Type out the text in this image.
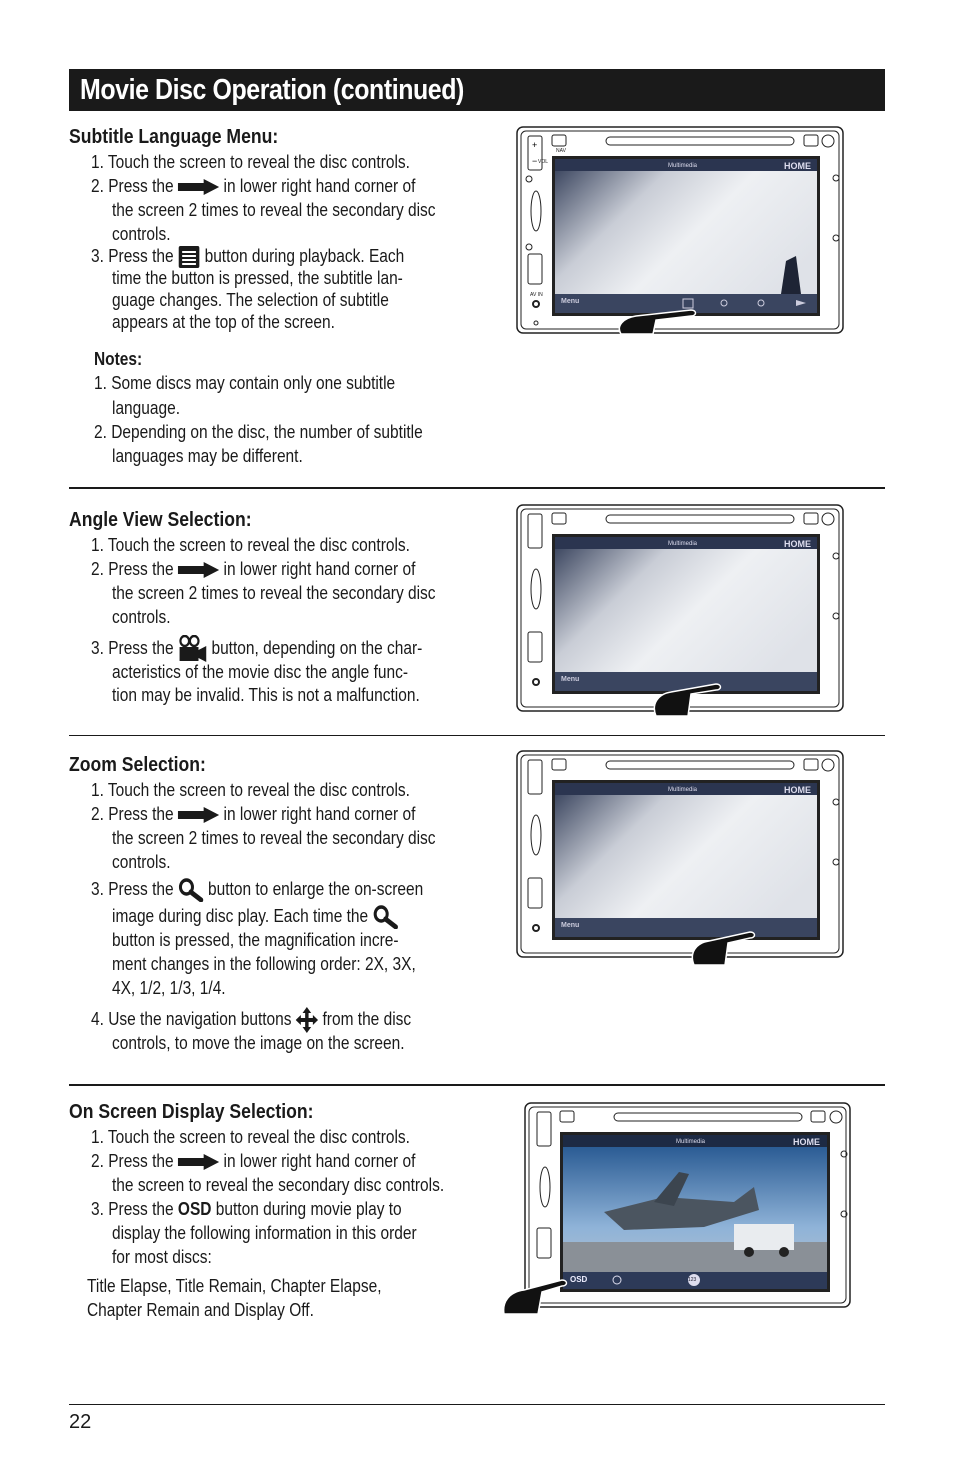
Movie Disc Operation (continued)
Subtitle Language Menu:
1. Touch the screen to reveal the disc controls.
2. Press the	in lower right hand corner of
the screen 2 times to reveal the secondary disc
controls.
3. Press the button during playback. Each
time the button is pressed, the subtitle lan-
guage changes. The selection of subtitle
appears at the top of the screen.
Notes:
1. Some discs may contain only one subtitle
language.
2. Depending on the disc, the number of subtitle
languages may be different.
Angle View Selection:
1. Touch the screen to reveal the disc controls.
2. Press the	in lower right hand corner of
the screen 2 times to reveal the secondary disc
controls.
3. Press the button, depending on the char-
acteristics of the movie disc the angle func-
tion may be invalid. This is not a malfunction.
Zoom Selection:
1. Touch the screen to reveal the disc controls.
2. Press the	in lower right hand corner of
the screen 2 times to reveal the secondary disc
controls.
3. Press the button to enlarge the on-screen
image during disc play. Each time the
button is pressed, the magnification incre-
ment changes in the following order: 2X, 3X,
4X, 1/2, 1/3, 1/4.
4. Use the navigation buttons from the disc
controls, to move the image on the screen.
On Screen Display Selection:
1. Touch the screen to reveal the disc controls.
2. Press the	in lower right hand corner of
the screen to reveal the secondary disc controls.
3. Press the OSD button during movie play to
display the following information in this order
for most discs:
Title Elapse, Title Remain, Chapter Elapse,
Chapter Remain and Display Off.
22
+
− VOL
NAV
AV IN
Multimedia	HOME
Menu
Multimedia	HOME
Menu
Multimedia	HOME
Menu
Multimedia	HOME
OSD	123
